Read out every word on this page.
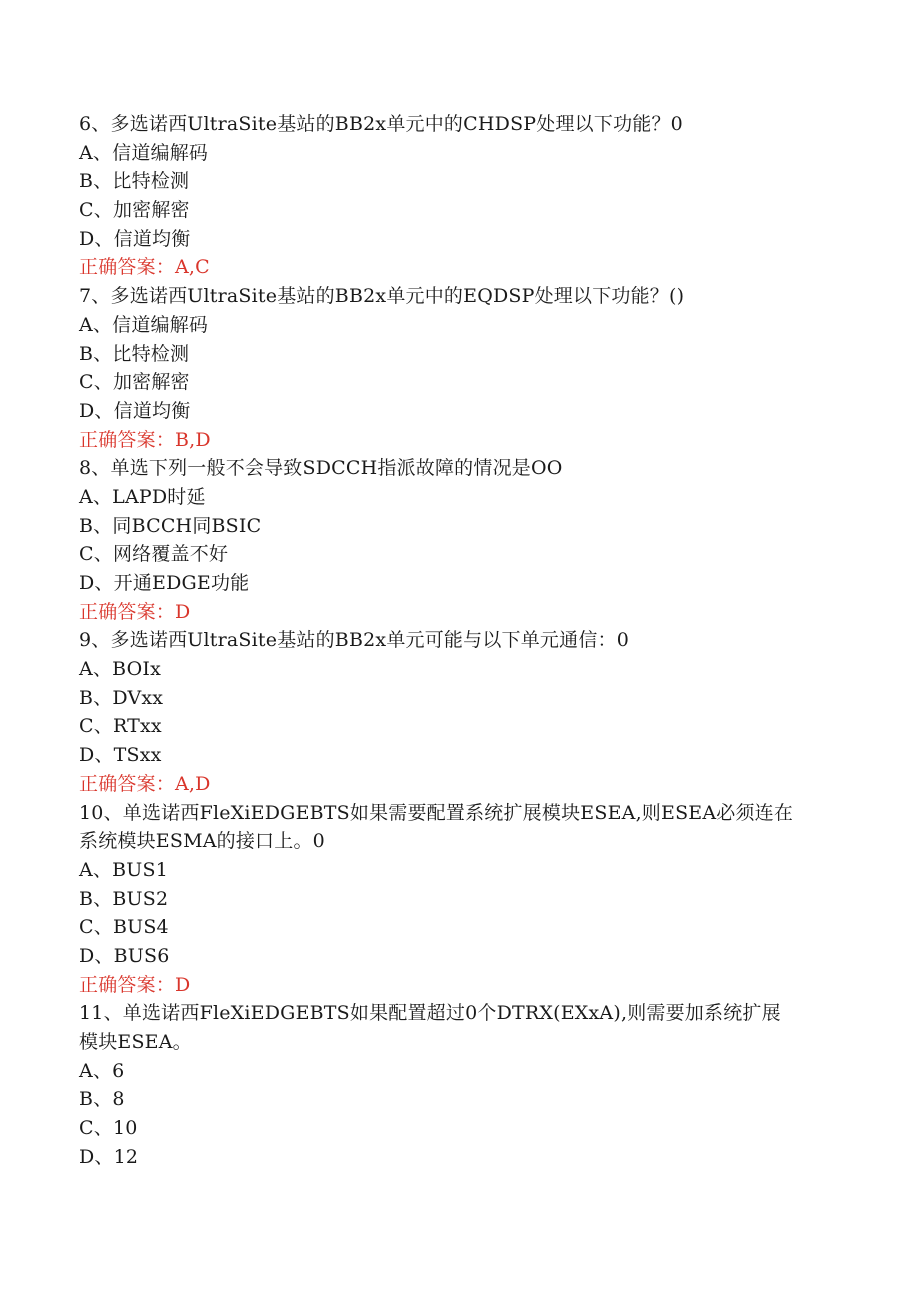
6、多选诺西UltraSite基站的BB2x单元中的CHDSP处理以下功能？0
A、信道编解码
B、比特检测
C、加密解密
D、信道均衡
正确答案：A,C
7、多选诺西UltraSite基站的BB2x单元中的EQDSP处理以下功能？()
A、信道编解码
B、比特检测
C、加密解密
D、信道均衡
正确答案：B,D
8、单选下列一般不会导致SDCCH指派故障的情况是OO
A、LAPD时延
B、同BCCH同BSIC
C、网络覆盖不好
D、开通EDGE功能
正确答案：D
9、多选诺西UltraSite基站的BB2x单元可能与以下单元通信：0
A、BOIx
B、DVxx
C、RTxx
D、TSxx
正确答案：A,D
10、单选诺西FleXiEDGEBTS如果需要配置系统扩展模块ESEA,则ESEA必须连在
系统模块ESMA的接口上。0
A、BUS1
B、BUS2
C、BUS4
D、BUS6
正确答案：D
11、单选诺西FleXiEDGEBTS如果配置超过0个DTRX(EXxA),则需要加系统扩展
模块ESEA。
A、6
B、8
C、10
D、12
